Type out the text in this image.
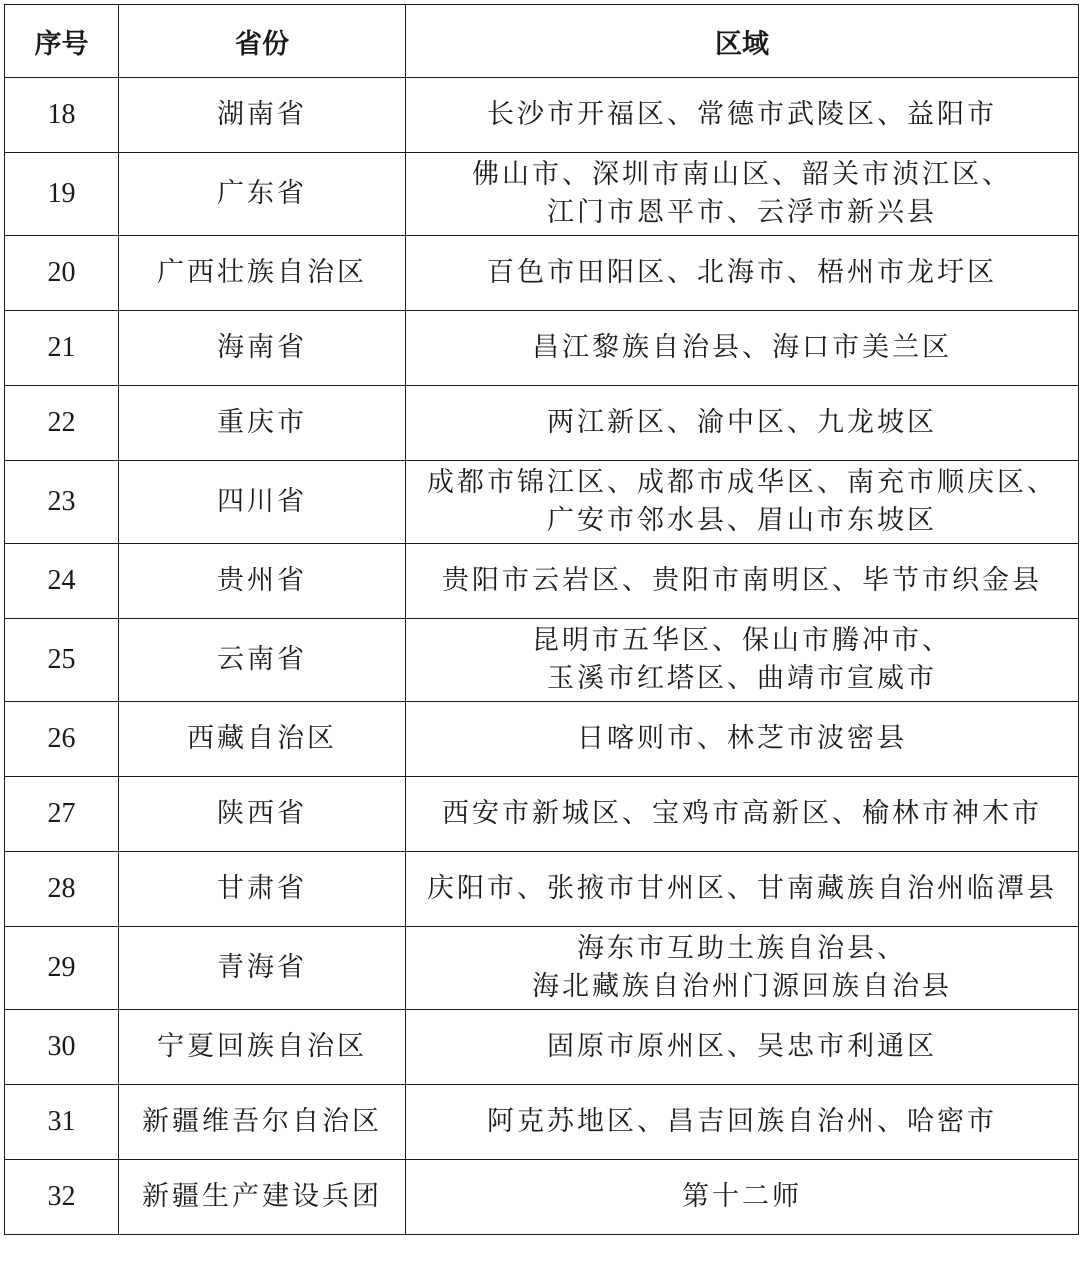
序号	省份	区域
18	湖南省	长沙市开福区、常德市武陵区、益阳市

19	广东省	佛山市、深圳市南山区、韶关市浈江区、
江门市恩平市、云浮市新兴县

20	广西壮族自治区	百色市田阳区、北海市、梧州市龙圩区

21	海南省	昌江黎族自治县、海口市美兰区

22	重庆市	两江新区、渝中区、九龙坡区

23	四川省	成都市锦江区、成都市成华区、南充市顺庆区、
广安市邻水县、眉山市东坡区

24	贵州省	贵阳市云岩区、贵阳市南明区、毕节市织金县

25	云南省	昆明市五华区、保山市腾冲市、
玉溪市红塔区、曲靖市宣威市

26	西藏自治区	日喀则市、林芝市波密县

27	陕西省	西安市新城区、宝鸡市高新区、榆林市神木市

28	甘肃省	庆阳市、张掖市甘州区、甘南藏族自治州临潭县

29	青海省	海东市互助土族自治县、
海北藏族自治州门源回族自治县

30	宁夏回族自治区	固原市原州区、吴忠市利通区

31	新疆维吾尔自治区	阿克苏地区、昌吉回族自治州、哈密市

32	新疆生产建设兵团	第十二师
